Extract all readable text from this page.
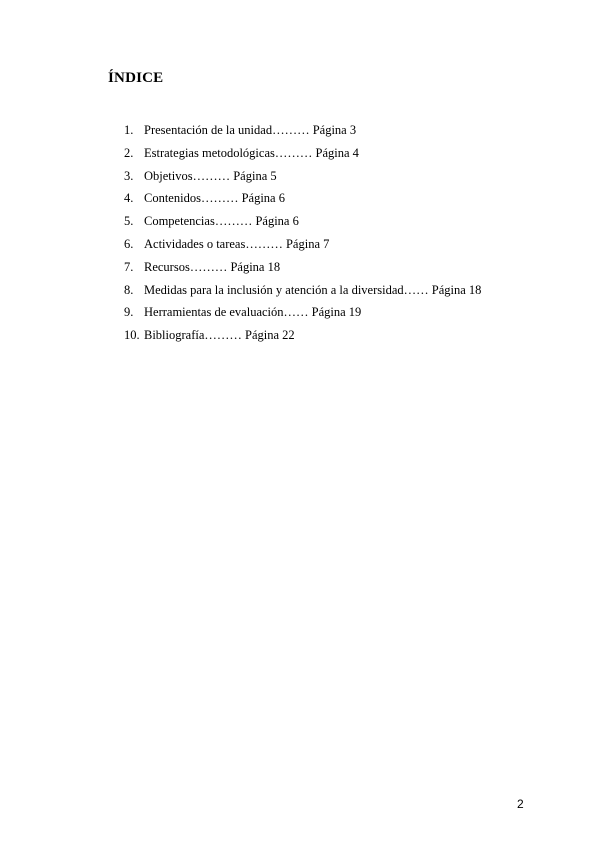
ÍNDICE
1. Presentación de la unidad……… Página 3
2. Estrategias metodológicas……… Página 4
3. Objetivos……… Página 5
4. Contenidos……… Página 6
5. Competencias……… Página 6
6. Actividades o tareas……… Página 7
7. Recursos……… Página 18
8. Medidas para la inclusión y atención a la diversidad…… Página 18
9. Herramientas de evaluación…… Página 19
10. Bibliografía……… Página 22
2
